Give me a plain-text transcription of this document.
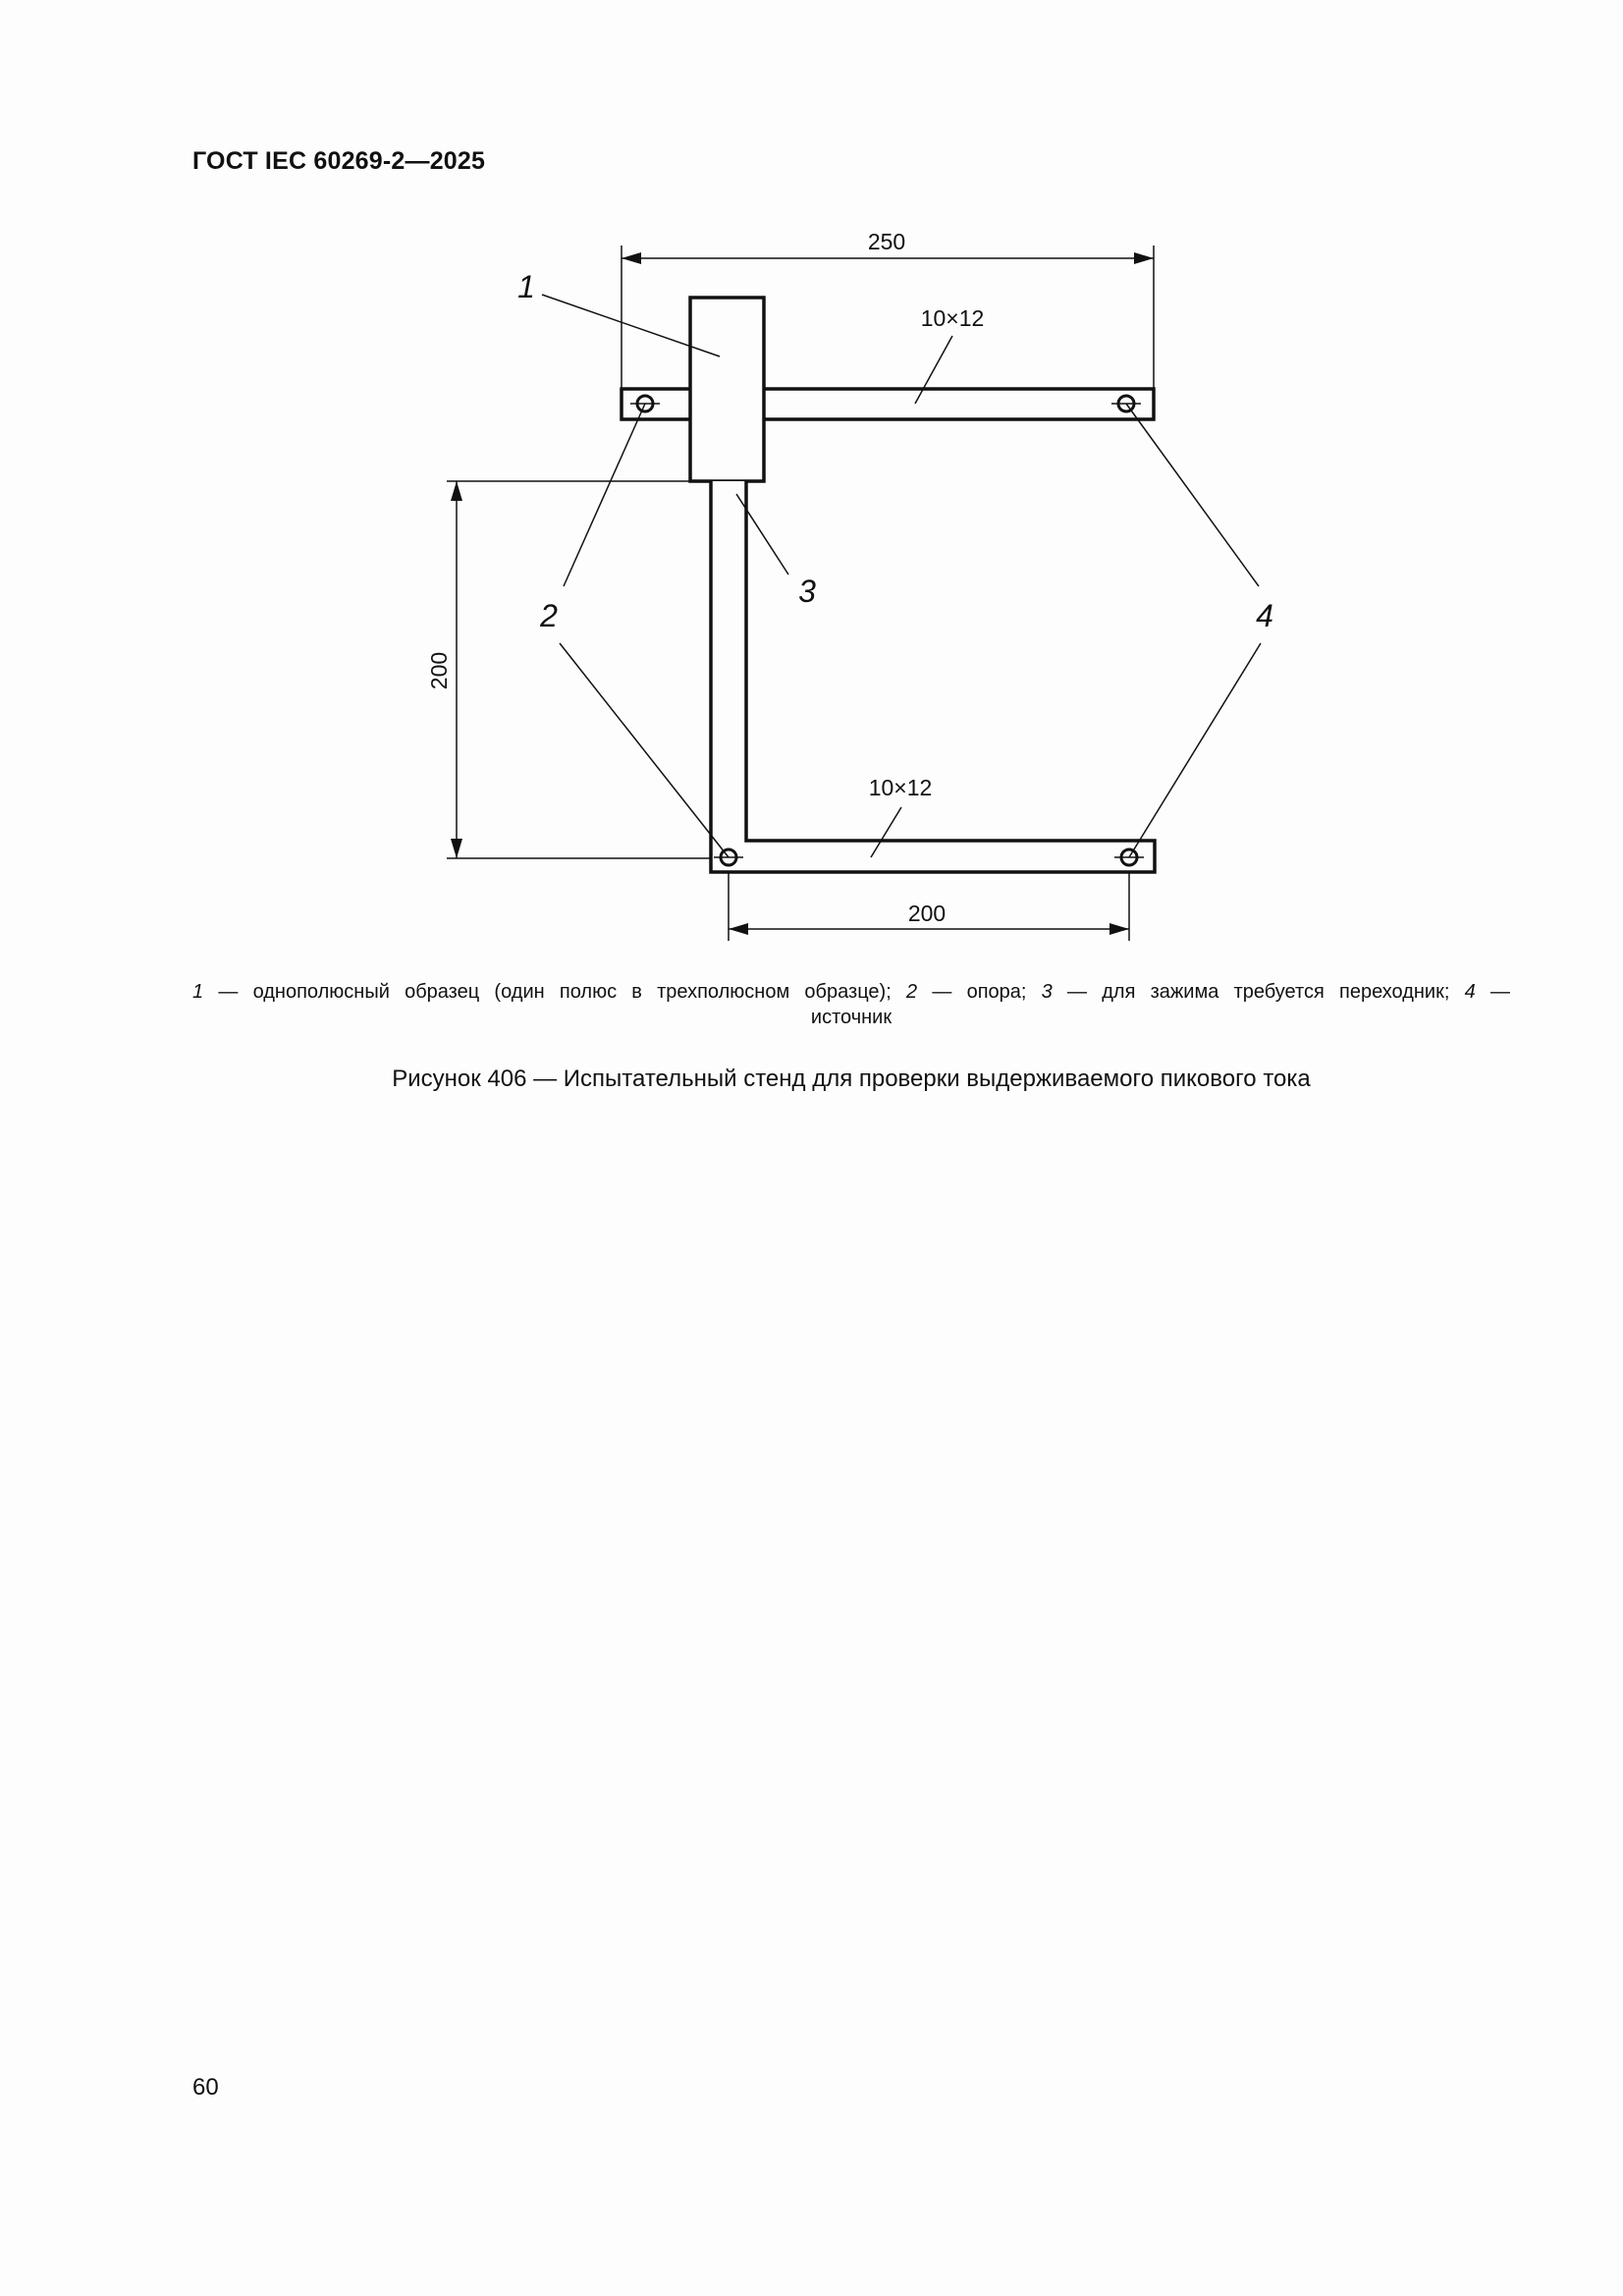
ГОСТ IEC 60269-2—2025
250
10×12
10×12
200
200
1
2
3
4
1 — однополюсный образец (один полюс в трехполюсном образце); 2 — опора; 3 — для зажима требуется переходник; 4 —
источник
Рисунок 406 — Испытательный стенд для проверки выдерживаемого пикового тока
60
